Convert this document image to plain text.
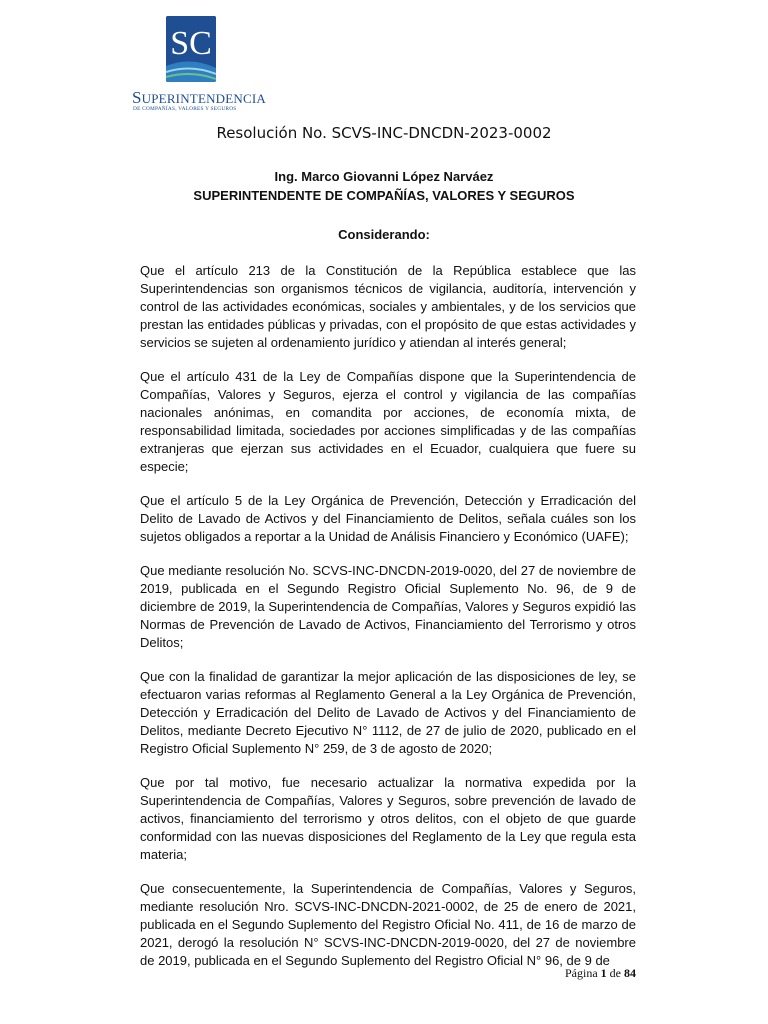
SC
SUPERINTENDENCIA
DE COMPAÑÍAS, VALORES Y SEGUROS
Resolución No. SCVS-INC-DNCDN-2023-0002
Ing. Marco Giovanni López Narváez
SUPERINTENDENTE DE COMPAÑÍAS, VALORES Y SEGUROS
Considerando:

Que el artículo 213 de la Constitución de la República establece que las Superintendencias son organismos técnicos de vigilancia, auditoría, intervención y control de las actividades económicas, sociales y ambientales, y de los servicios que prestan las entidades públicas y privadas, con el propósito de que estas actividades y servicios se sujeten al ordenamiento jurídico y atiendan al interés general;

Que el artículo 431 de la Ley de Compañías dispone que la Superintendencia de Compañías, Valores y Seguros, ejerza el control y vigilancia de las compañías nacionales anónimas, en comandita por acciones, de economía mixta, de responsabilidad limitada, sociedades por acciones simplificadas y de las compañías extranjeras que ejerzan sus actividades en el Ecuador, cualquiera que fuere su especie;

Que el artículo 5 de la Ley Orgánica de Prevención, Detección y Erradicación del Delito de Lavado de Activos y del Financiamiento de Delitos, señala cuáles son los sujetos obligados a reportar a la Unidad de Análisis Financiero y Económico (UAFE);

Que mediante resolución No. SCVS-INC-DNCDN-2019-0020, del 27 de noviembre de 2019, publicada en el Segundo Registro Oficial Suplemento No. 96, de 9 de diciembre de 2019, la Superintendencia de Compañías, Valores y Seguros expidió las Normas de Prevención de Lavado de Activos, Financiamiento del Terrorismo y otros Delitos;

Que con la finalidad de garantizar la mejor aplicación de las disposiciones de ley, se efectuaron varias reformas al Reglamento General a la Ley Orgánica de Prevención, Detección y Erradicación del Delito de Lavado de Activos y del Financiamiento de Delitos, mediante Decreto Ejecutivo N° 1112, de 27 de julio de 2020, publicado en el Registro Oficial Suplemento N° 259, de 3 de agosto de 2020;

Que por tal motivo, fue necesario actualizar la normativa expedida por la Superintendencia de Compañías, Valores y Seguros, sobre prevención de lavado de activos, financiamiento del terrorismo y otros delitos, con el objeto de que guarde conformidad con las nuevas disposiciones del Reglamento de la Ley que regula esta materia;

Que consecuentemente, la Superintendencia de Compañías, Valores y Seguros, mediante resolución Nro. SCVS-INC-DNCDN-2021-0002, de 25 de enero de 2021, publicada en el Segundo Suplemento del Registro Oficial No. 411, de 16 de marzo de 2021, derogó la resolución N° SCVS-INC-DNCDN-2019-0020, del 27 de noviembre de 2019, publicada en el Segundo Suplemento del Registro Oficial N° 96, de 9 de

Página 1 de 84
